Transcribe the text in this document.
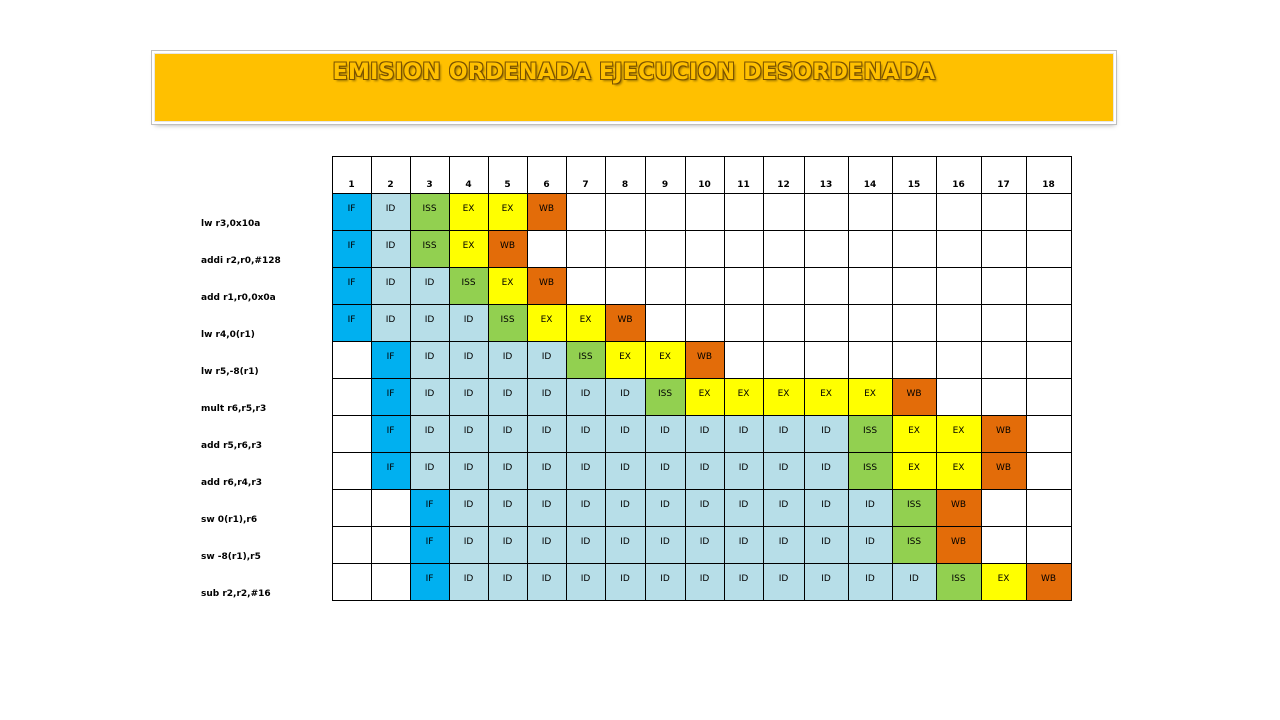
EMISION ORDENADA EJECUCION DESORDENADA
	1	2	3	4	5	6	7	8	9	10	11	12	13	14	15	16	17	18
lw r3,0x10a	IF	ID	ISS	EX	EX	WB												
addi r2,r0,#128	IF	ID	ISS	EX	WB													
add r1,r0,0x0a	IF	ID	ID	ISS	EX	WB												
lw r4,0(r1)	IF	ID	ID	ID	ISS	EX	EX	WB										
lw r5,-8(r1)		IF	ID	ID	ID	ID	ISS	EX	EX	WB								
mult r6,r5,r3		IF	ID	ID	ID	ID	ID	ID	ISS	EX	EX	EX	EX	EX	WB			
add r5,r6,r3		IF	ID	ID	ID	ID	ID	ID	ID	ID	ID	ID	ID	ISS	EX	EX	WB	
add r6,r4,r3		IF	ID	ID	ID	ID	ID	ID	ID	ID	ID	ID	ID	ISS	EX	EX	WB	
sw 0(r1),r6			IF	ID	ID	ID	ID	ID	ID	ID	ID	ID	ID	ID	ISS	WB		
sw -8(r1),r5			IF	ID	ID	ID	ID	ID	ID	ID	ID	ID	ID	ID	ISS	WB		
sub r2,r2,#16			IF	ID	ID	ID	ID	ID	ID	ID	ID	ID	ID	ID	ID	ISS	EX	WB
